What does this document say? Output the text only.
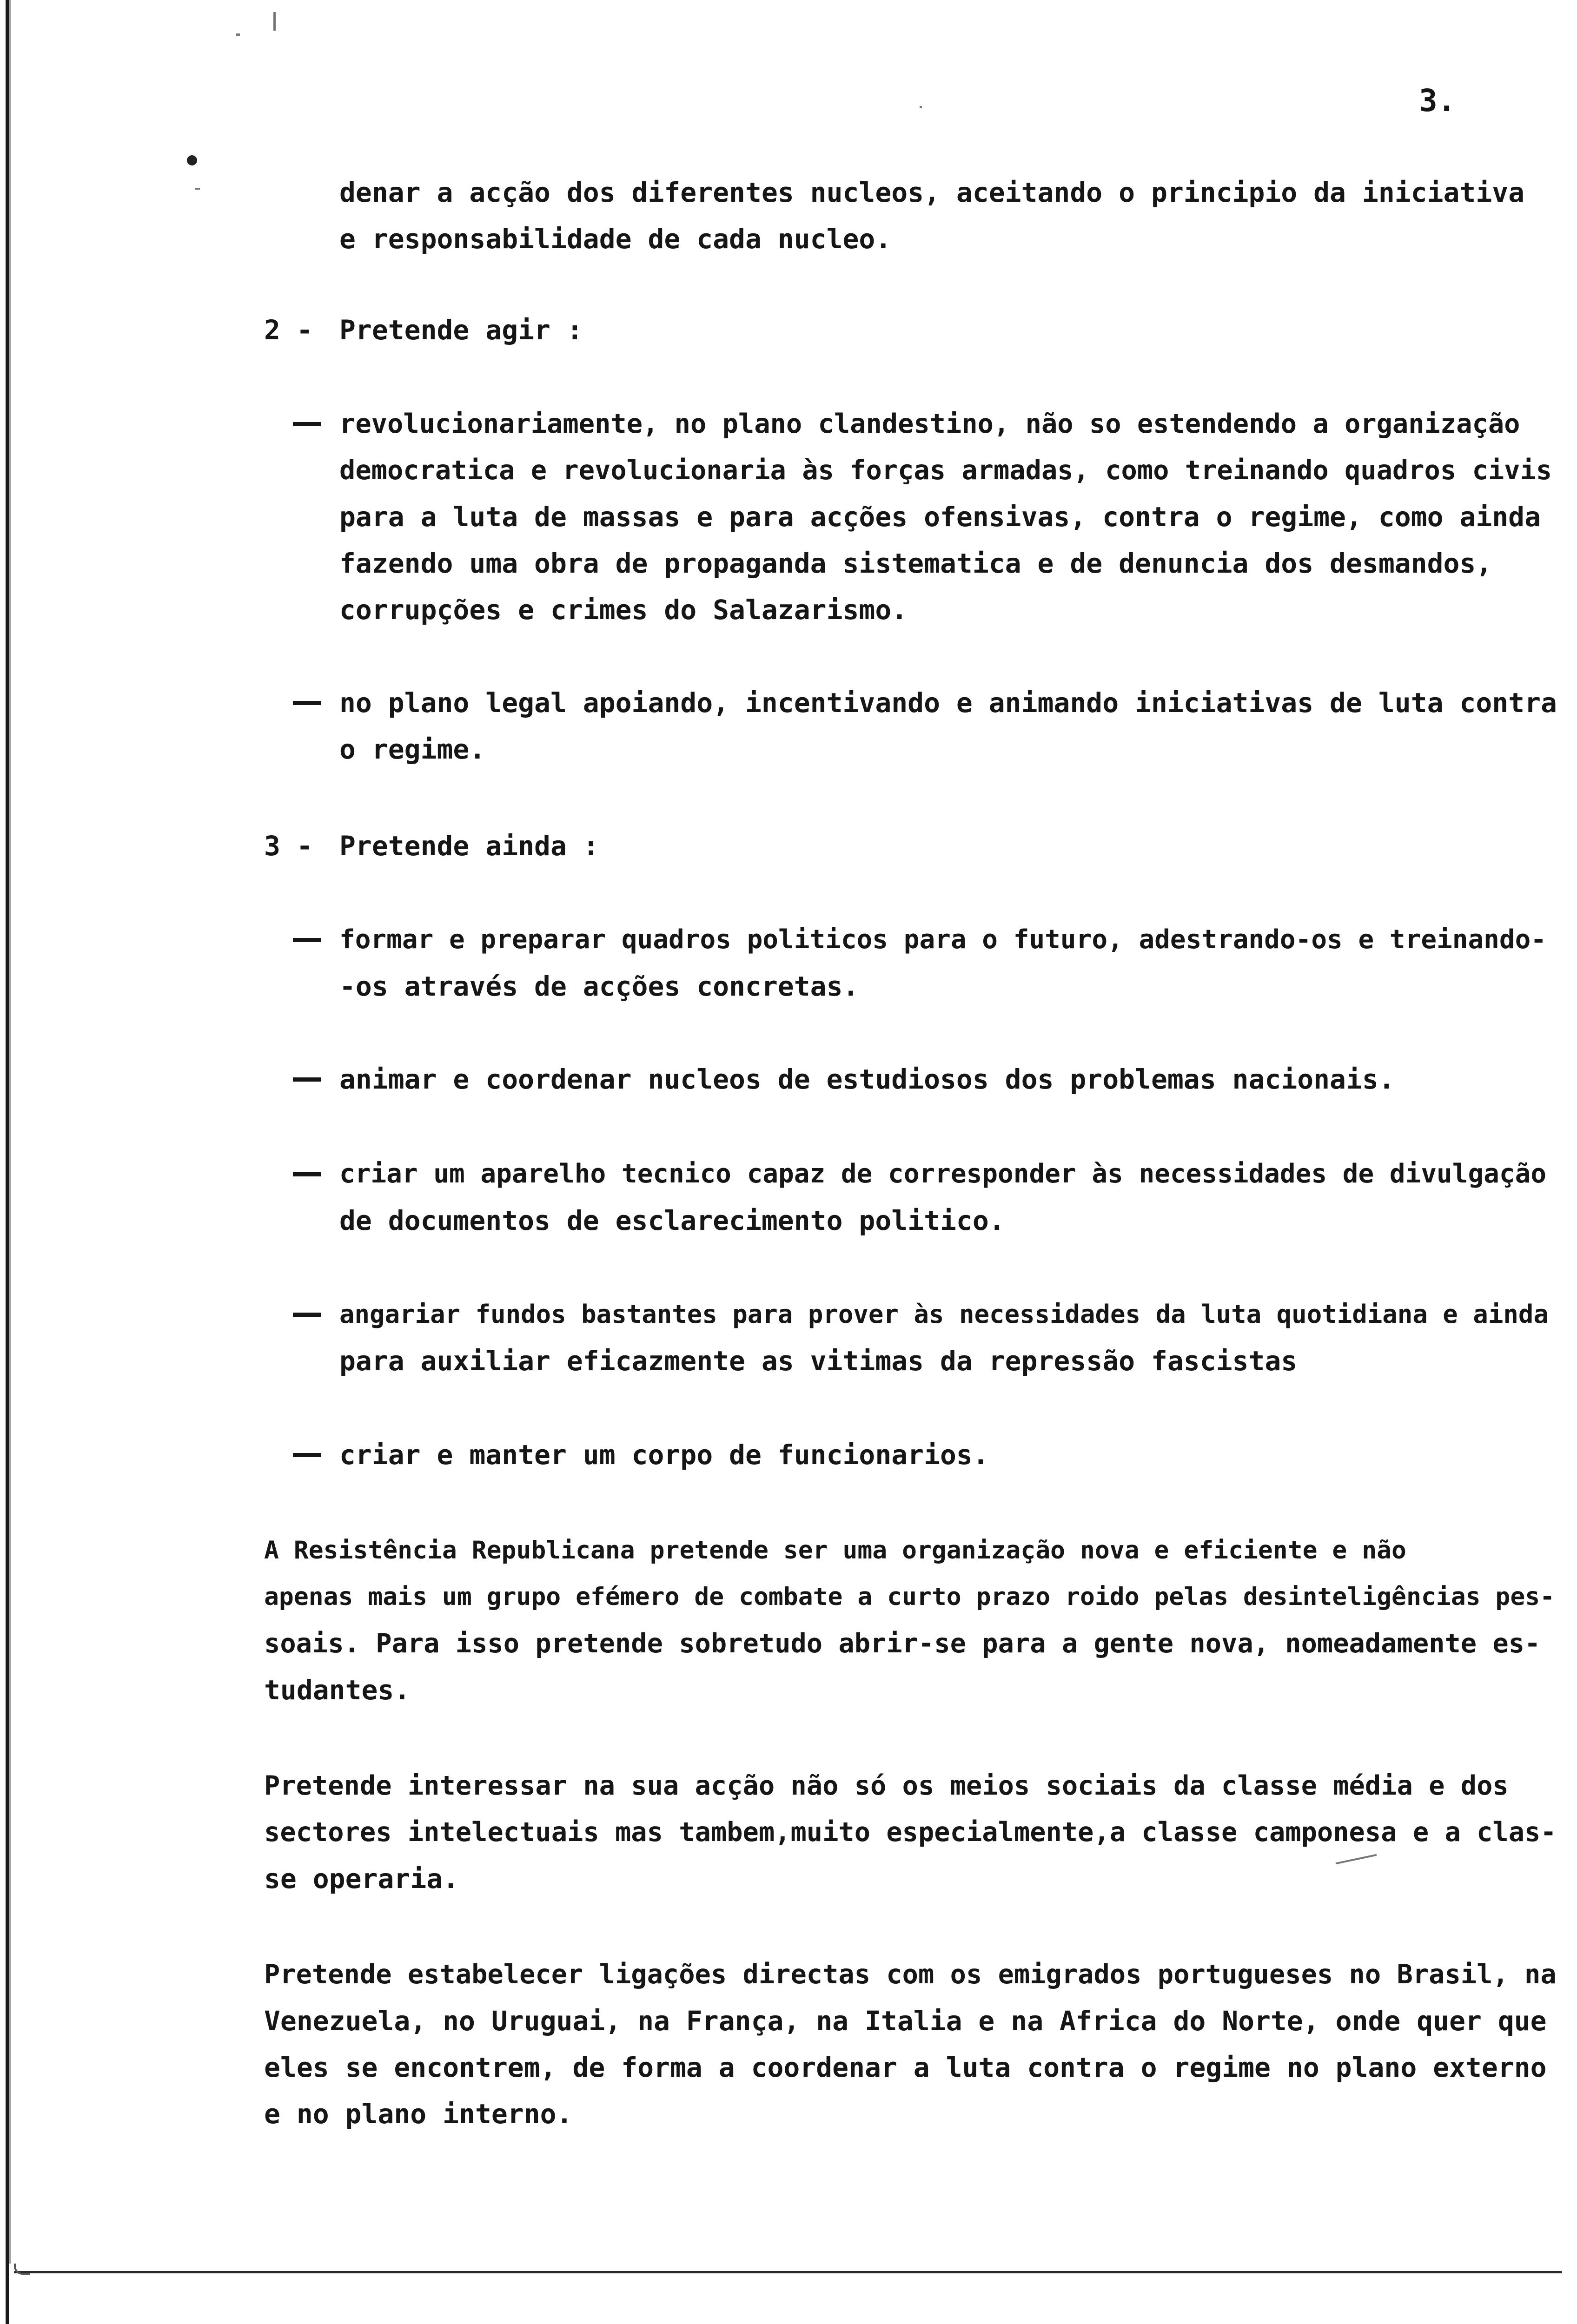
3.

denar a acção dos diferentes nucleos, aceitando o principio da iniciativa
e responsabilidade de cada nucleo.
2 - Pretende agir :
revolucionariamente, no plano clandestino, não so estendendo a organização
democratica e revolucionaria às forças armadas, como treinando quadros civis
para a luta de massas e para acções ofensivas, contra o regime, como ainda
fazendo uma obra de propaganda sistematica e de denuncia dos desmandos,
corrupções e crimes do Salazarismo.
no plano legal apoiando, incentivando e animando iniciativas de luta contra
o regime.
3 - Pretende ainda :
formar e preparar quadros politicos para o futuro, adestrando-os e treinando-
-os através de acções concretas.
animar e coordenar nucleos de estudiosos dos problemas nacionais.
criar um aparelho tecnico capaz de corresponder às necessidades de divulgação
de documentos de esclarecimento politico.
angariar fundos bastantes para prover às necessidades da luta quotidiana e ainda
para auxiliar eficazmente as vitimas da repressão fascistas
criar e manter um corpo de funcionarios.
A Resistência Republicana pretende ser uma organização nova e eficiente e não
apenas mais um grupo efémero de combate a curto prazo roido pelas desinteligências pes-
soais. Para isso pretende sobretudo abrir-se para a gente nova, nomeadamente es-
tudantes.
Pretende interessar na sua acção não só os meios sociais da classe média e dos
sectores intelectuais mas tambem,muito especialmente,a classe camponesa e a clas-
se operaria.
Pretende estabelecer ligações directas com os emigrados portugueses no Brasil, na
Venezuela, no Uruguai, na França, na Italia e na Africa do Norte, onde quer que
eles se encontrem, de forma a coordenar a luta contra o regime no plano externo
e no plano interno.
